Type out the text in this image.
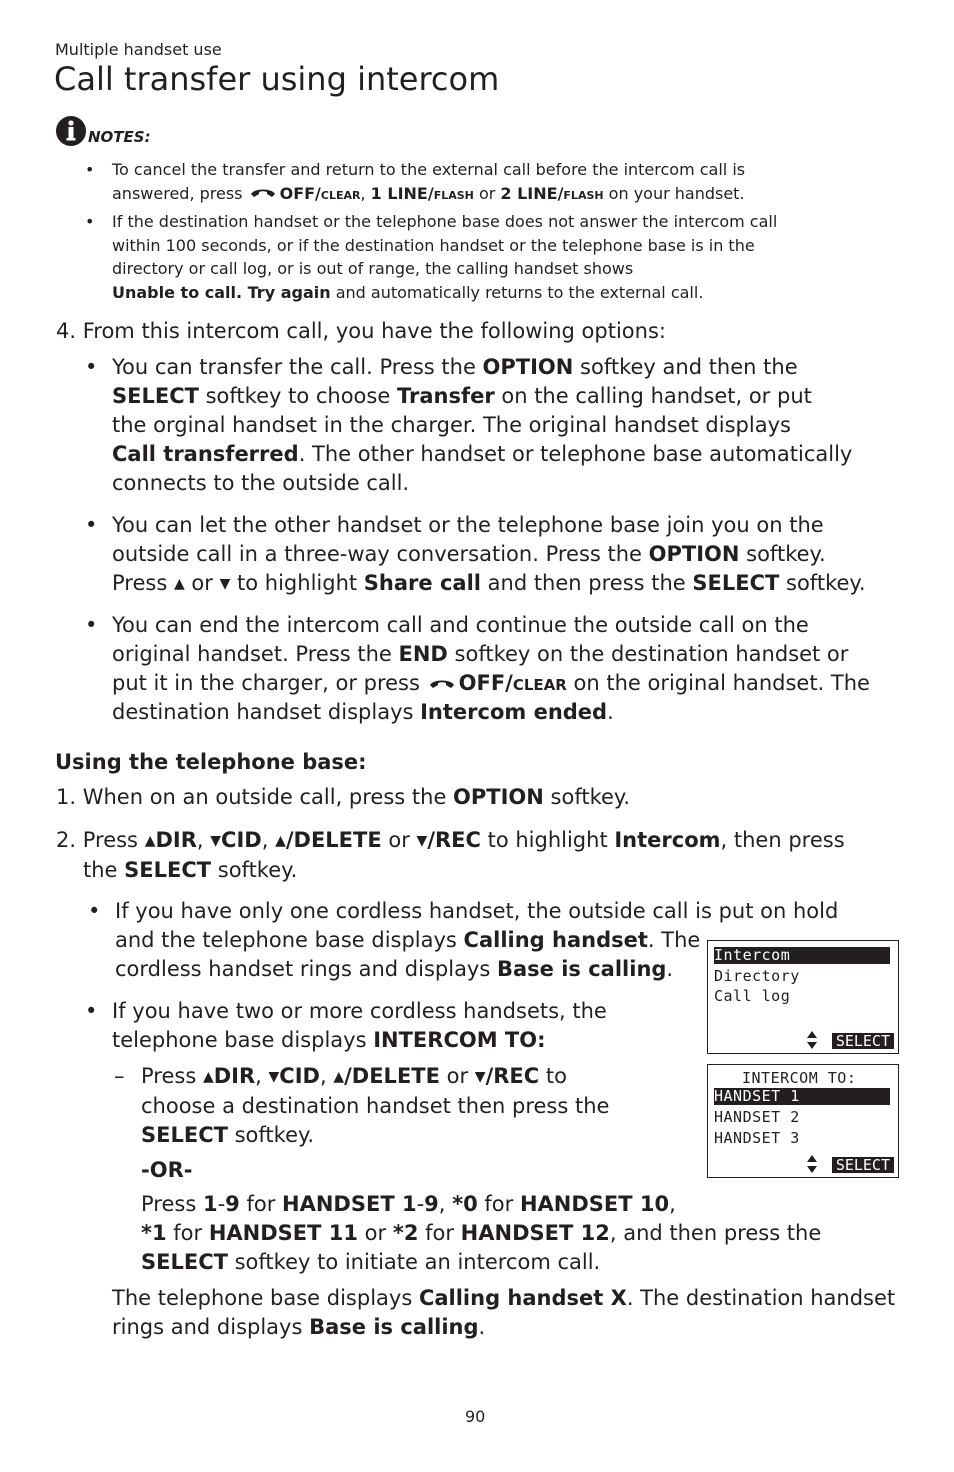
Multiple handset use
Call transfer using intercom
NOTES:
• To cancel the transfer and return to the external call before the intercom call is
answered, press OFF/clear, 1 LINE/flash or 2 LINE/flash on your handset.
• If the destination handset or the telephone base does not answer the intercom call
within 100 seconds, or if the destination handset or the telephone base is in the
directory or call log, or is out of range, the calling handset shows
Unable to call. Try again and automatically returns to the external call.
4. From this intercom call, you have the following options:
• You can transfer the call. Press the OPTION softkey and then the
SELECT softkey to choose Transfer on the calling handset, or put
the orginal handset in the charger. The original handset displays
Call transferred. The other handset or telephone base automatically
connects to the outside call.
• You can let the other handset or the telephone base join you on the
outside call in a three-way conversation. Press the OPTION softkey.
Press ▲ or ▼ to highlight Share call and then press the SELECT softkey.
• You can end the intercom call and continue the outside call on the
original handset. Press the END softkey on the destination handset or
put it in the charger, or press OFF/clear on the original handset. The
destination handset displays Intercom ended.
Using the telephone base:
1. When on an outside call, press the OPTION softkey.
2. Press ▲DIR, ▼CID, ▲/DELETE or ▼/REC to highlight Intercom, then press
the SELECT softkey.
• If you have only one cordless handset, the outside call is put on hold
and the telephone base displays Calling handset. The
cordless handset rings and displays Base is calling.
• If you have two or more cordless handsets, the
telephone base displays INTERCOM TO:
– Press ▲DIR, ▼CID, ▲/DELETE or ▼/REC to
choose a destination handset then press the
SELECT softkey.
-OR-
Press 1-9 for HANDSET 1-9, *0 for HANDSET 10,
*1 for HANDSET 11 or *2 for HANDSET 12, and then press the
SELECT softkey to initiate an intercom call.
The telephone base displays Calling handset X. The destination handset
rings and displays Base is calling.
Intercom
Directory
Call log
SELECT
INTERCOM TO:
HANDSET 1
HANDSET 2
HANDSET 3
SELECT
90
